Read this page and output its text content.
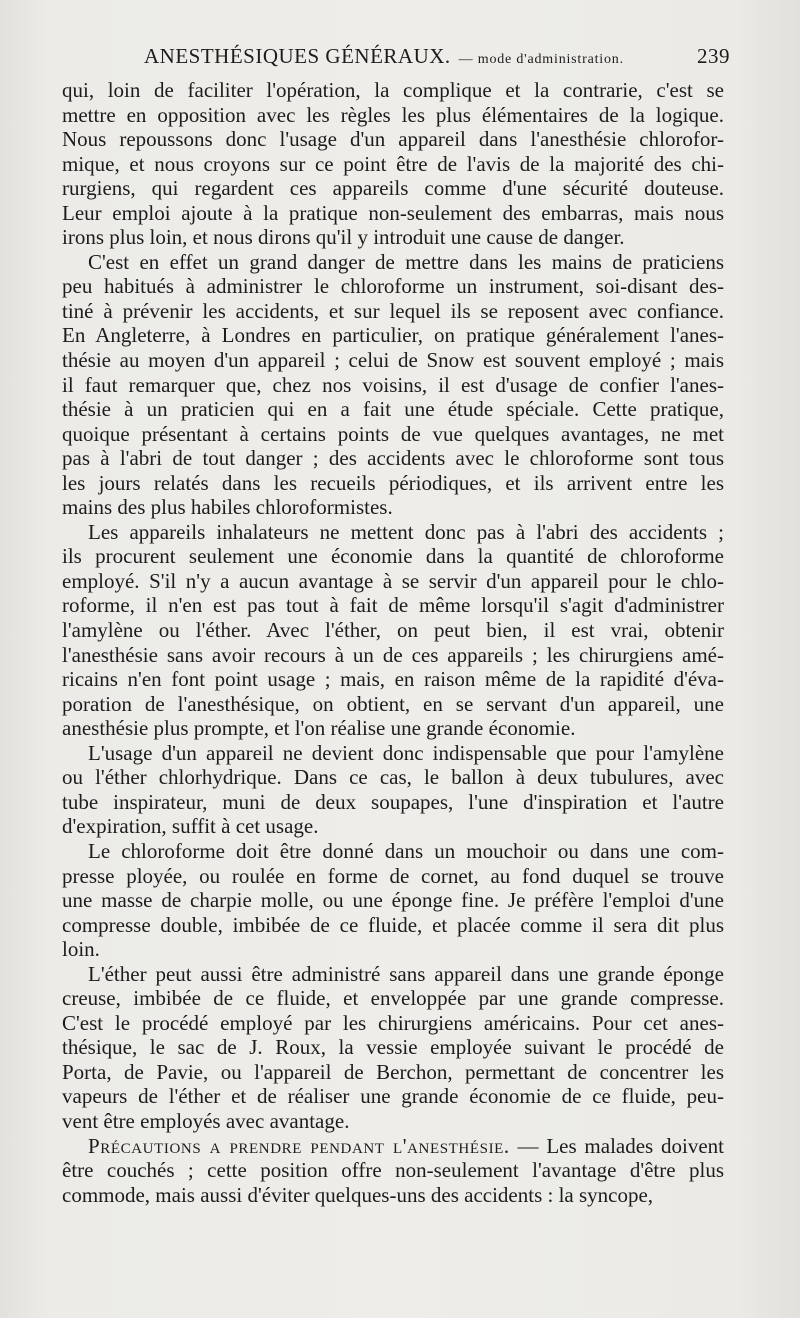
ANESTHÉSIQUES GÉNÉRAUX. — mode d'administration.	239
qui, loin de faciliter l'opération, la complique et la contrarie, c'est se
mettre en opposition avec les règles les plus élémentaires de la logique.
Nous repoussons donc l'usage d'un appareil dans l'anesthésie chlorofor-
mique, et nous croyons sur ce point être de l'avis de la majorité des chi-
rurgiens, qui regardent ces appareils comme d'une sécurité douteuse.
Leur emploi ajoute à la pratique non-seulement des embarras, mais nous
irons plus loin, et nous dirons qu'il y introduit une cause de danger.
C'est en effet un grand danger de mettre dans les mains de praticiens
peu habitués à administrer le chloroforme un instrument, soi-disant des-
tiné à prévenir les accidents, et sur lequel ils se reposent avec confiance.
En Angleterre, à Londres en particulier, on pratique généralement l'anes-
thésie au moyen d'un appareil ; celui de Snow est souvent employé ; mais
il faut remarquer que, chez nos voisins, il est d'usage de confier l'anes-
thésie à un praticien qui en a fait une étude spéciale. Cette pratique,
quoique présentant à certains points de vue quelques avantages, ne met
pas à l'abri de tout danger ; des accidents avec le chloroforme sont tous
les jours relatés dans les recueils périodiques, et ils arrivent entre les
mains des plus habiles chloroformistes.
Les appareils inhalateurs ne mettent donc pas à l'abri des accidents ;
ils procurent seulement une économie dans la quantité de chloroforme
employé. S'il n'y a aucun avantage à se servir d'un appareil pour le chlo-
roforme, il n'en est pas tout à fait de même lorsqu'il s'agit d'administrer
l'amylène ou l'éther. Avec l'éther, on peut bien, il est vrai, obtenir
l'anesthésie sans avoir recours à un de ces appareils ; les chirurgiens amé-
ricains n'en font point usage ; mais, en raison même de la rapidité d'éva-
poration de l'anesthésique, on obtient, en se servant d'un appareil, une
anesthésie plus prompte, et l'on réalise une grande économie.
L'usage d'un appareil ne devient donc indispensable que pour l'amylène
ou l'éther chlorhydrique. Dans ce cas, le ballon à deux tubulures, avec
tube inspirateur, muni de deux soupapes, l'une d'inspiration et l'autre
d'expiration, suffit à cet usage.
Le chloroforme doit être donné dans un mouchoir ou dans une com-
presse ployée, ou roulée en forme de cornet, au fond duquel se trouve
une masse de charpie molle, ou une éponge fine. Je préfère l'emploi d'une
compresse double, imbibée de ce fluide, et placée comme il sera dit plus
loin.
L'éther peut aussi être administré sans appareil dans une grande éponge
creuse, imbibée de ce fluide, et enveloppée par une grande compresse.
C'est le procédé employé par les chirurgiens américains. Pour cet anes-
thésique, le sac de J. Roux, la vessie employée suivant le procédé de
Porta, de Pavie, ou l'appareil de Berchon, permettant de concentrer les
vapeurs de l'éther et de réaliser une grande économie de ce fluide, peu-
vent être employés avec avantage.
Précautions a prendre pendant l'anesthésie. — Les malades doivent
être couchés ; cette position offre non-seulement l'avantage d'être plus
commode, mais aussi d'éviter quelques-uns des accidents : la syncope,
